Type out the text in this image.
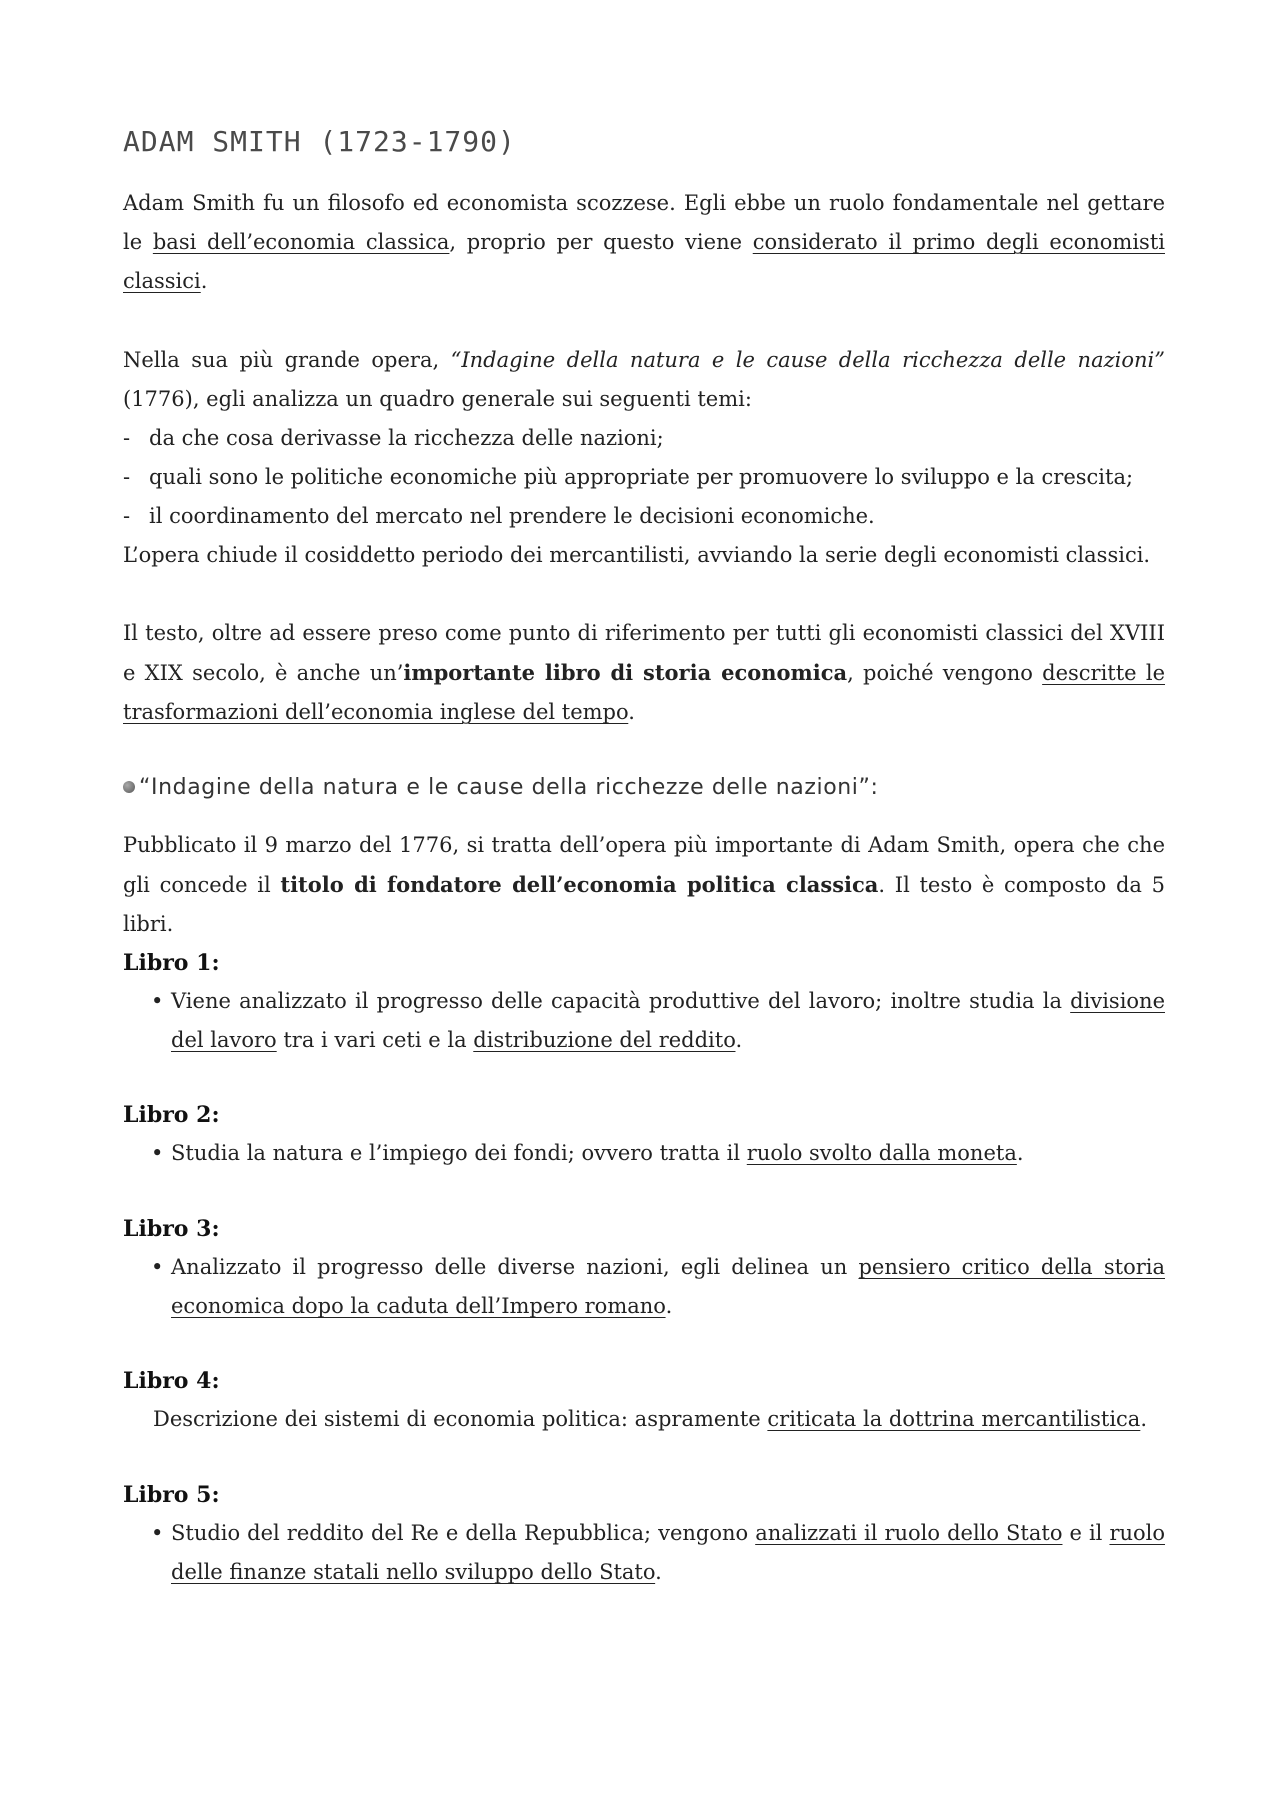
ADAM SMITH (1723-1790)
Adam Smith fu un filosofo ed economista scozzese. Egli ebbe un ruolo fondamentale nel gettare le basi dell’economia classica, proprio per questo viene considerato il primo degli economisti classici.
Nella sua più grande opera, “Indagine della natura e le cause della ricchezza delle nazioni” (1776), egli analizza un quadro generale sui seguenti temi:
- da che cosa derivasse la ricchezza delle nazioni;
- quali sono le politiche economiche più appropriate per promuovere lo sviluppo e la crescita;
- il coordinamento del mercato nel prendere le decisioni economiche.
L’opera chiude il cosiddetto periodo dei mercantilisti, avviando la serie degli economisti classici.
Il testo, oltre ad essere preso come punto di riferimento per tutti gli economisti classici del XVIII e XIX secolo, è anche un’importante libro di storia economica, poiché vengono descritte le trasformazioni dell’economia inglese del tempo.
“Indagine della natura e le cause della ricchezze delle nazioni”:
Pubblicato il 9 marzo del 1776, si tratta dell’opera più importante di Adam Smith, opera che che gli concede il titolo di fondatore dell’economia politica classica. Il testo è composto da 5 libri.
Libro 1:
• Viene analizzato il progresso delle capacità produttive del lavoro; inoltre studia la divisione del lavoro tra i vari ceti e la distribuzione del reddito.
Libro 2:
• Studia la natura e l’impiego dei fondi; ovvero tratta il ruolo svolto dalla moneta.
Libro 3:
• Analizzato il progresso delle diverse nazioni, egli delinea un pensiero critico della storia economica dopo la caduta dell’Impero romano.
Libro 4:
Descrizione dei sistemi di economia politica: aspramente criticata la dottrina mercantilistica.
Libro 5:
• Studio del reddito del Re e della Repubblica; vengono analizzati il ruolo dello Stato e il ruolo delle finanze statali nello sviluppo dello Stato.
